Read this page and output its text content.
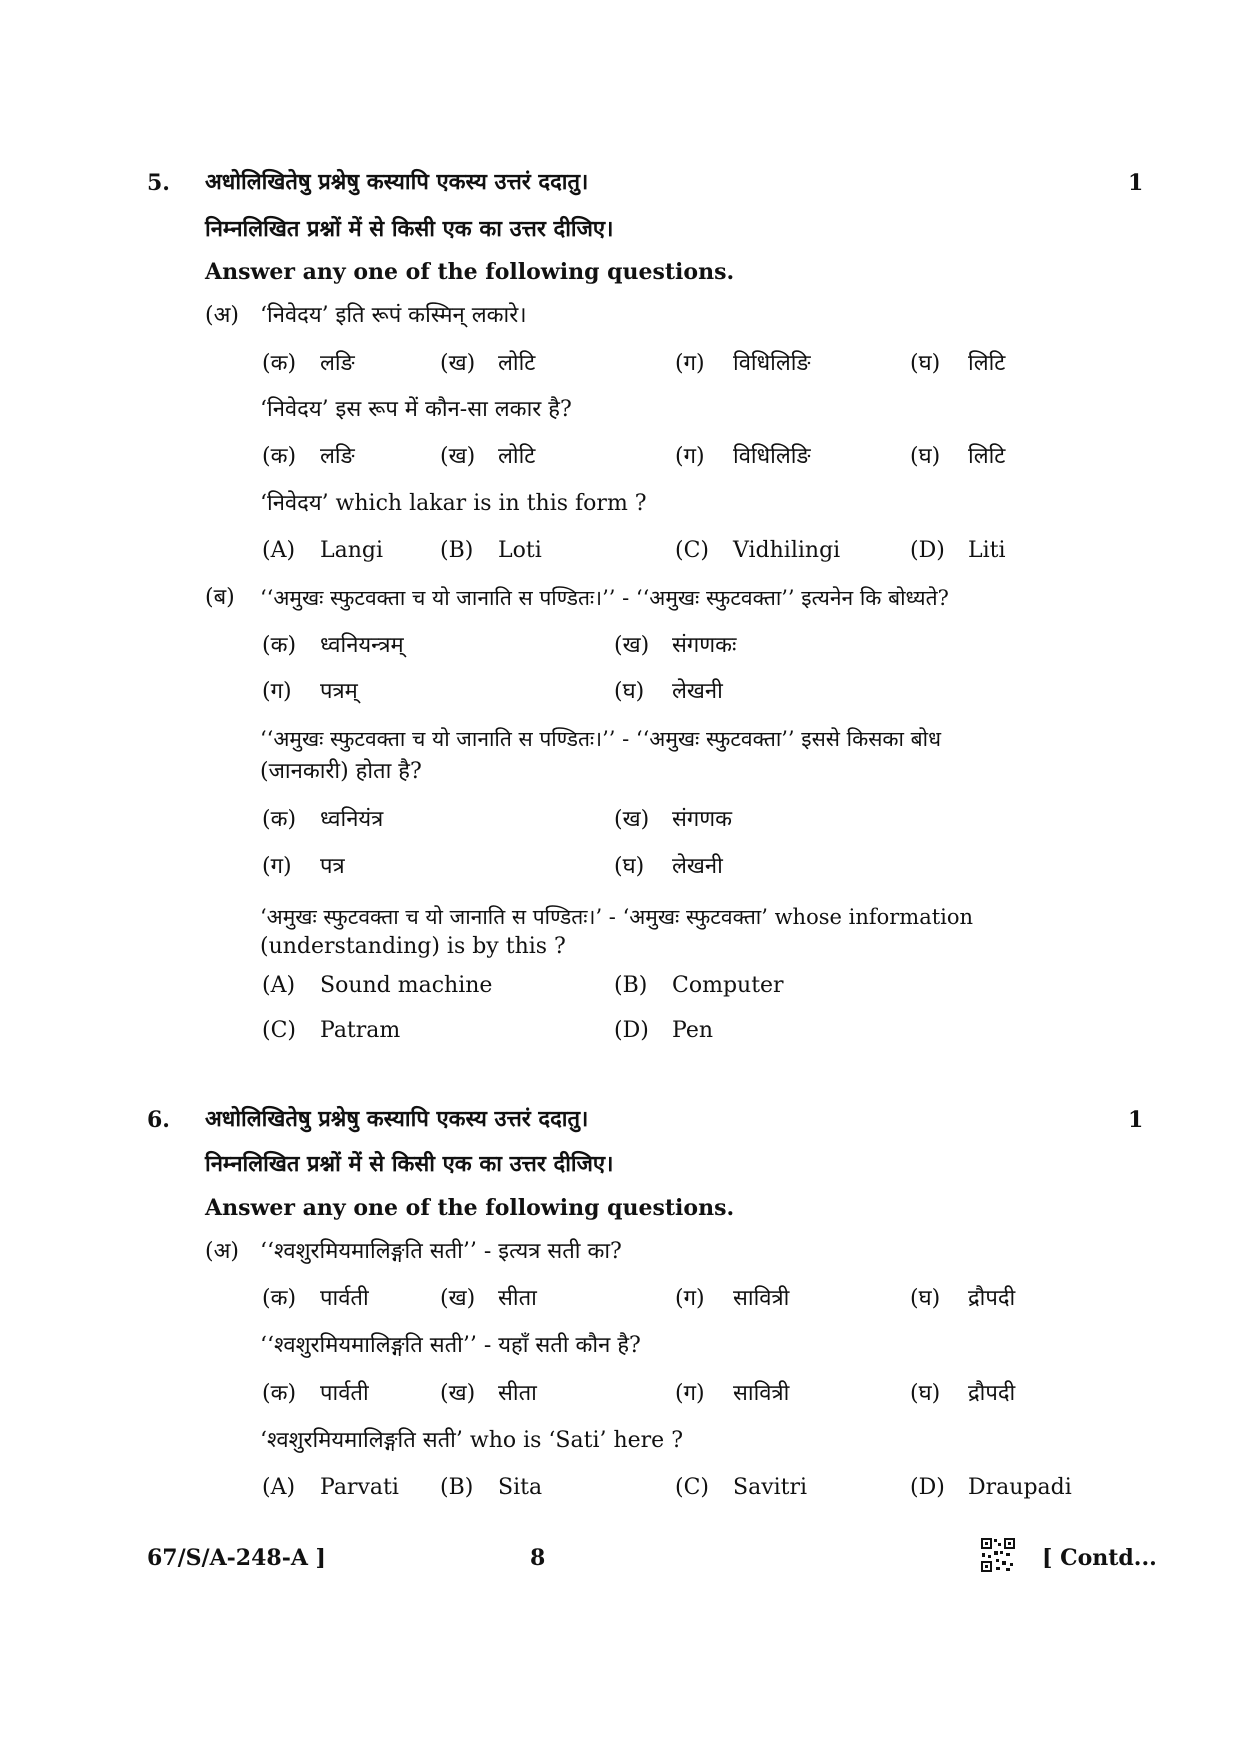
5.	1
अधोलिखितेषु प्रश्नेषु कस्यापि एकस्य उत्तरं ददातु।
निम्नलिखित प्रश्नों में से किसी एक का उत्तर दीजिए।
Answer any one of the following questions.
(अ) ‘निवेदय’ इति रूपं कस्मिन् लकारे।
(क) लङि	(ख) लोटि	(ग) विधिलिङि	(घ) लिटि
‘निवेदय’ इस रूप में कौन-सा लकार है?
(क) लङि	(ख) लोटि	(ग) विधिलिङि	(घ) लिटि
‘निवेदय’ which lakar is in this form ?
(A) Langi	(B) Loti	(C) Vidhilingi	(D) Liti
(ब) ‘‘अमुखः स्फुटवक्ता च यो जानाति स पण्डितः।’’ - ‘‘अमुखः स्फुटवक्ता’’ इत्यनेन कि बोध्यते?
(क) ध्वनियन्त्रम्	(ख) संगणकः
(ग) पत्रम्	(घ) लेखनी
‘‘अमुखः स्फुटवक्ता च यो जानाति स पण्डितः।’’ - ‘‘अमुखः स्फुटवक्ता’’ इससे किसका बोध
(जानकारी) होता है?
(क) ध्वनियंत्र	(ख) संगणक
(ग) पत्र	(घ) लेखनी
‘अमुखः स्फुटवक्ता च यो जानाति स पण्डितः।’ - ‘अमुखः स्फुटवक्ता’ whose information
(understanding) is by this ?
(A) Sound machine	(B) Computer
(C) Patram	(D) Pen
6.	1
अधोलिखितेषु प्रश्नेषु कस्यापि एकस्य उत्तरं ददातु।
निम्नलिखित प्रश्नों में से किसी एक का उत्तर दीजिए।
Answer any one of the following questions.
(अ) ‘‘श्वशुरमियमालिङ्गति सती’’ - इत्यत्र सती का?
(क) पार्वती	(ख) सीता	(ग) सावित्री	(घ) द्रौपदी
‘‘श्वशुरमियमालिङ्गति सती’’ - यहाँ सती कौन है?
(क) पार्वती	(ख) सीता	(ग) सावित्री	(घ) द्रौपदी
‘श्वशुरमियमालिङ्गति सती’ who is ‘Sati’ here ?
(A) Parvati (B) Sita	(C) Savitri	(D) Draupadi
67/S/A-248-A ]	8	[ Contd...
